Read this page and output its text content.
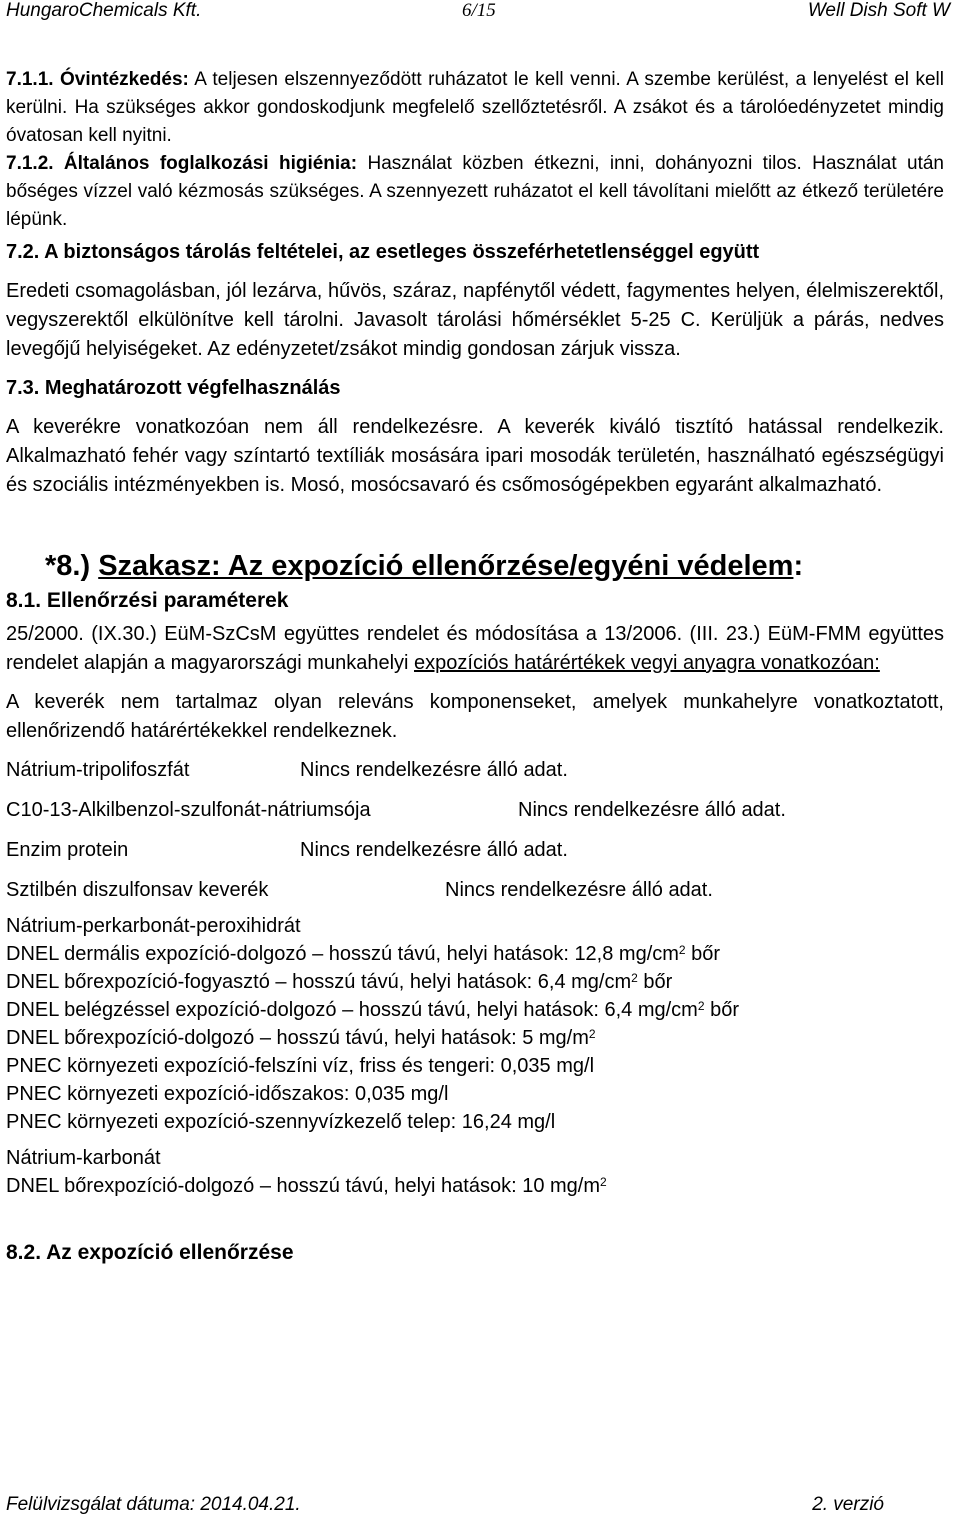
HungaroChemicals Kft.	6/15	Well Dish Soft W

7.1.1. Óvintézkedés: A teljesen elszennyeződött ruházatot le kell venni. A szembe kerülést, a lenyelést el kell kerülni. Ha szükséges akkor gondoskodjunk megfelelő szellőztetésről. A zsákot és a tárolóedényzetet mindig óvatosan kell nyitni.

7.1.2. Általános foglalkozási higiénia: Használat közben étkezni, inni, dohányozni tilos. Használat után bőséges vízzel való kézmosás szükséges. A szennyezett ruházatot el kell távolítani mielőtt az étkező területére lépünk.

7.2. A biztonságos tárolás feltételei, az esetleges összeférhetetlenséggel együtt

Eredeti csomagolásban, jól lezárva, hűvös, száraz, napfénytől védett, fagymentes helyen, élelmiszerektől, vegyszerektől elkülönítve kell tárolni. Javasolt tárolási hőmérséklet 5-25 C. Kerüljük a párás, nedves levegőjű helyiségeket. Az edényzetet/zsákot mindig gondosan zárjuk vissza.

7.3. Meghatározott végfelhasználás

A keverékre vonatkozóan nem áll rendelkezésre. A keverék kiváló tisztító hatással rendelkezik. Alkalmazható fehér vagy színtartó textíliák mosására ipari mosodák területén, használható egészségügyi és szociális intézményekben is. Mosó, mosócsavaró és csőmosógépekben egyaránt alkalmazható.

*8.) Szakasz: Az expozíció ellenőrzése/egyéni védelem:

8.1. Ellenőrzési paraméterek

25/2000. (IX.30.) EüM-SzCsM együttes rendelet és módosítása a 13/2006. (III. 23.) EüM-FMM együttes rendelet alapján a magyarországi munkahelyi expozíciós határértékek vegyi anyagra vonatkozóan:

A keverék nem tartalmaz olyan releváns komponenseket, amelyek munkahelyre vonatkoztatott, ellenőrizendő határértékekkel rendelkeznek.

Nátrium-tripolifoszfát	Nincs rendelkezésre álló adat.
C10-13-Alkilbenzol-szulfonát-nátriumsója	Nincs rendelkezésre álló adat.
Enzim protein	Nincs rendelkezésre álló adat.
Sztilbén diszulfonsav keverék	Nincs rendelkezésre álló adat.

Nátrium-perkarbonát-peroxihidrát

DNEL dermális expozíció-dolgozó – hosszú távú, helyi hatások: 12,8 $mg/cm^2$ bőr

DNEL bőrexpozíció-fogyasztó – hosszú távú, helyi hatások: 6,4 $mg/cm^2$ bőr

DNEL belégzéssel expozíció-dolgozó – hosszú távú, helyi hatások: 6,4 $mg/cm^2$ bőr

DNEL bőrexpozíció-dolgozó – hosszú távú, helyi hatások: 5 $mg/m^2$

PNEC környezeti expozíció-felszíni víz, friss és tengeri: 0,035 mg/l

PNEC környezeti expozíció-időszakos: 0,035 mg/l

PNEC környezeti expozíció-szennyvízkezelő telep: 16,24 mg/l

Nátrium-karbonát

DNEL bőrexpozíció-dolgozó – hosszú távú, helyi hatások: 10 $mg/m^2$

8.2. Az expozíció ellenőrzése

Felülvizsgálat dátuma: 2014.04.21.	2. verzió
